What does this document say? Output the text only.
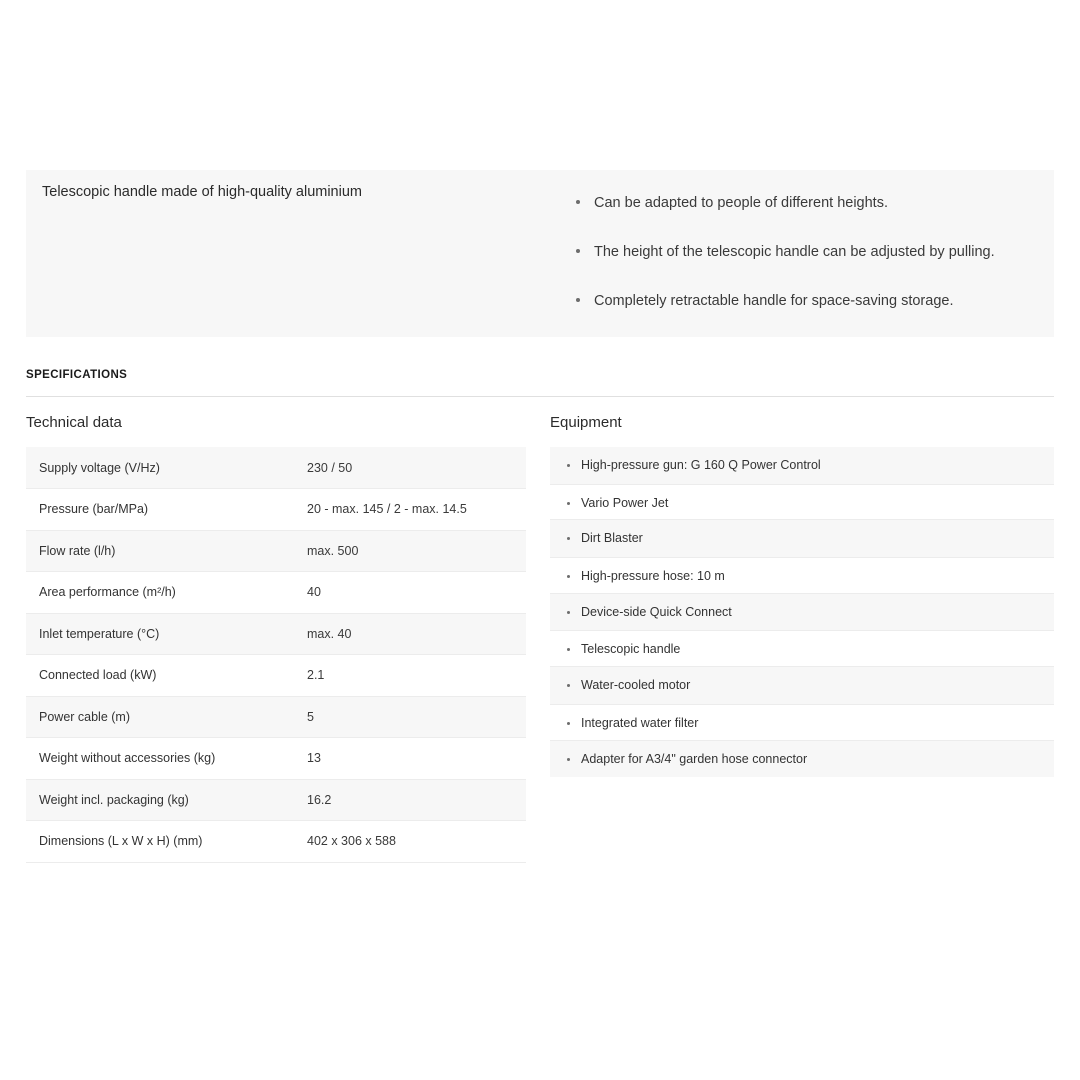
Telescopic handle made of high-quality aluminium
Can be adapted to people of different heights.
The height of the telescopic handle can be adjusted by pulling.
Completely retractable handle for space-saving storage.
SPECIFICATIONS
Technical data
Supply voltage (V/Hz)	230 / 50
Pressure (bar/MPa)	20 - max. 145 / 2 - max. 14.5
Flow rate (l/h)	max. 500
Area performance (m²/h)	40
Inlet temperature (°C)	max. 40
Connected load (kW)	2.1
Power cable (m)	5
Weight without accessories (kg)	13
Weight incl. packaging (kg)	16.2
Dimensions (L x W x H) (mm)	402 x 306 x 588
Equipment
High-pressure gun: G 160 Q Power Control
Vario Power Jet
Dirt Blaster
High-pressure hose: 10 m
Device-side Quick Connect
Telescopic handle
Water-cooled motor
Integrated water filter
Adapter for A3/4" garden hose connector
